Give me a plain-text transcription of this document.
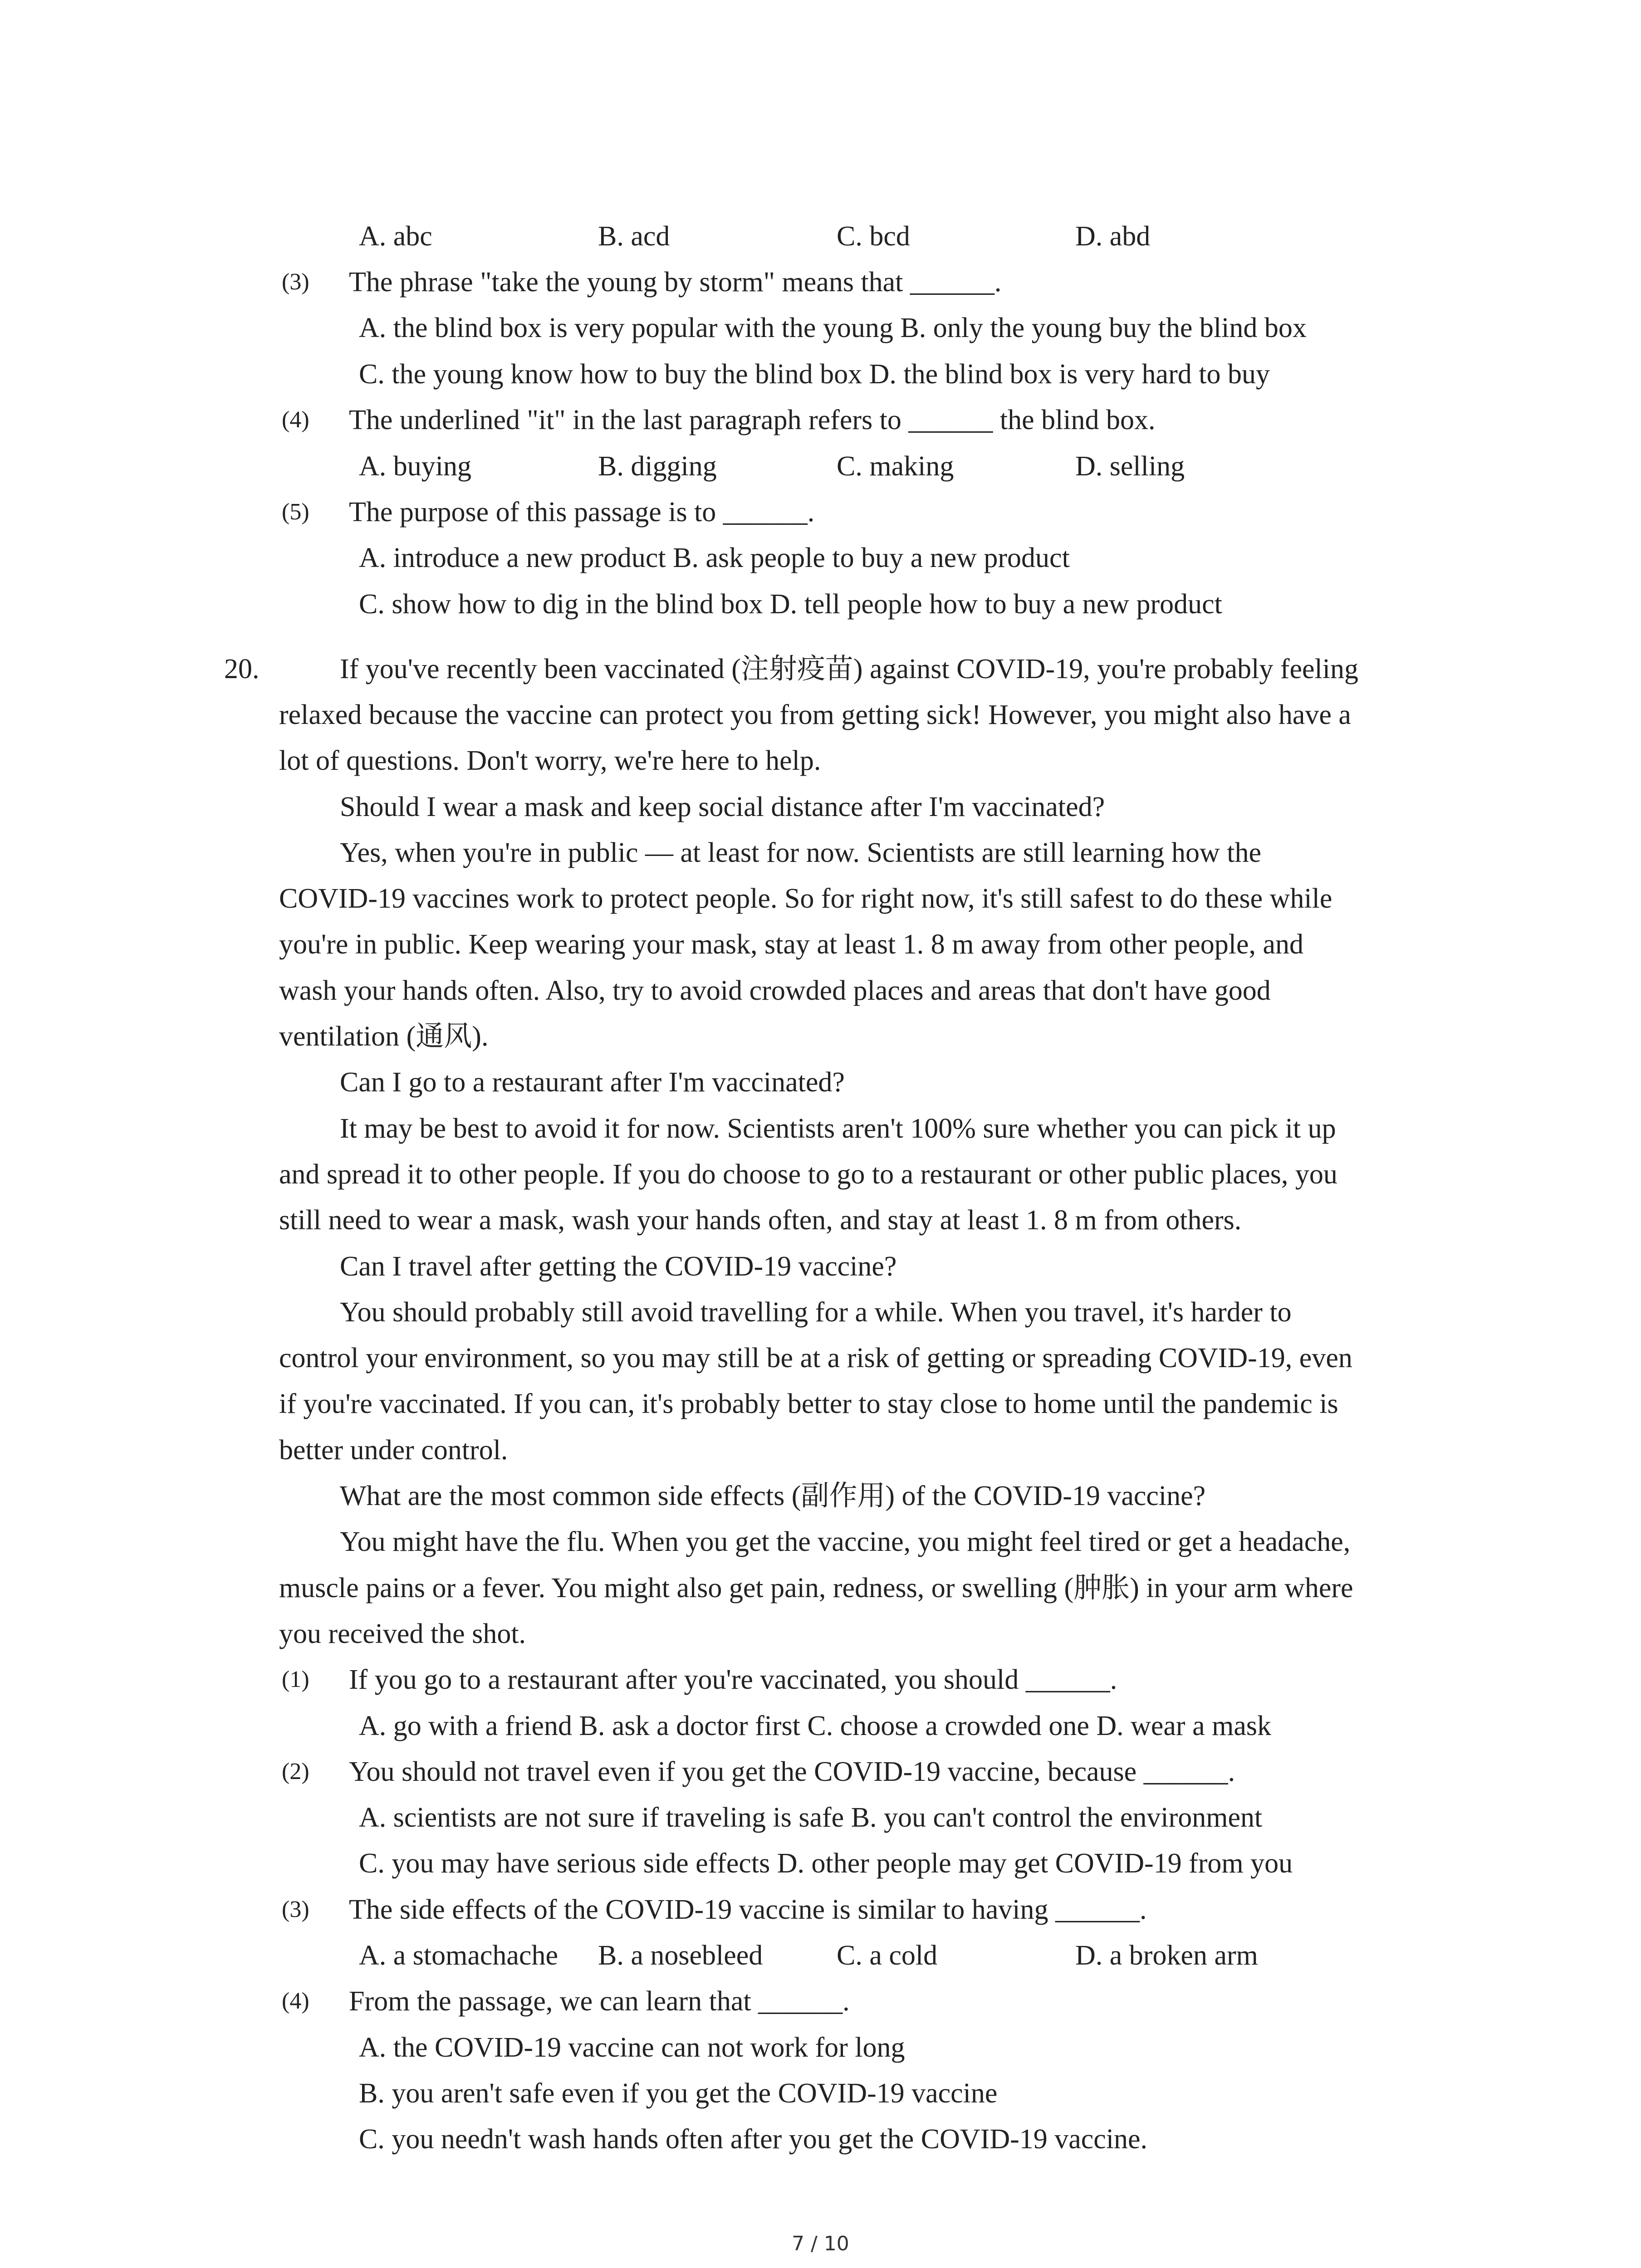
A. abc	B. acd	C. bcd	D. abd
(3) The phrase "take the young by storm" means that ______.
A. the blind box is very popular with the young B. only the young buy the blind box
C. the young know how to buy the blind box D. the blind box is very hard to buy
(4) The underlined "it" in the last paragraph refers to ______ the blind box.
A. buying	B. digging	C. making	D. selling
(5) The purpose of this passage is to ______.
A. introduce a new product B. ask people to buy a new product
C. show how to dig in the blind box D. tell people how to buy a new product
20.	If you've recently been vaccinated (注射疫苗) against COVID-19, you're probably feeling
relaxed because the vaccine can protect you from getting sick! However, you might also have a
lot of questions. Don't worry, we're here to help.
Should I wear a mask and keep social distance after I'm vaccinated?
Yes, when you're in public — at least for now. Scientists are still learning how the
COVID-19 vaccines work to protect people. So for right now, it's still safest to do these while
you're in public. Keep wearing your mask, stay at least 1. 8 m away from other people, and
wash your hands often. Also, try to avoid crowded places and areas that don't have good
ventilation (通风).
Can I go to a restaurant after I'm vaccinated?
It may be best to avoid it for now. Scientists aren't 100% sure whether you can pick it up
and spread it to other people. If you do choose to go to a restaurant or other public places, you
still need to wear a mask, wash your hands often, and stay at least 1. 8 m from others.
Can I travel after getting the COVID-19 vaccine?
You should probably still avoid travelling for a while. When you travel, it's harder to
control your environment, so you may still be at a risk of getting or spreading COVID-19, even
if you're vaccinated. If you can, it's probably better to stay close to home until the pandemic is
better under control.
What are the most common side effects (副作用) of the COVID-19 vaccine?
You might have the flu. When you get the vaccine, you might feel tired or get a headache,
muscle pains or a fever. You might also get pain, redness, or swelling (肿胀) in your arm where
you received the shot.
(1) If you go to a restaurant after you're vaccinated, you should ______.
A. go with a friend B. ask a doctor first C. choose a crowded one D. wear a mask
(2) You should not travel even if you get the COVID-19 vaccine, because ______.
A. scientists are not sure if traveling is safe B. you can't control the environment
C. you may have serious side effects D. other people may get COVID-19 from you
(3) The side effects of the COVID-19 vaccine is similar to having ______.
A. a stomachache B. a nosebleed	C. a cold	D. a broken arm
(4) From the passage, we can learn that ______.
A. the COVID-19 vaccine can not work for long
B. you aren't safe even if you get the COVID-19 vaccine
C. you needn't wash hands often after you get the COVID-19 vaccine.
7 / 10
